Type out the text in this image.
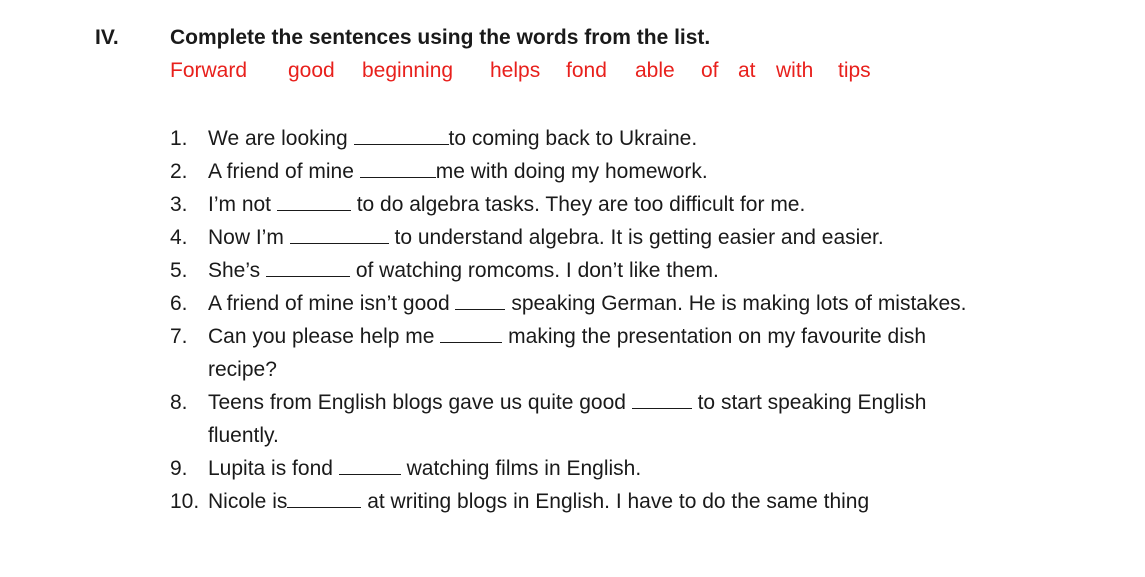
IV. Complete the sentences using the words from the list.
Forward good beginning helps fond able of at with tips
1. We are looking	to coming back to Ukraine.
2. A friend of mine	me with doing my homework.
3. I’m not	to do algebra tasks. They are too difficult for me.
4. Now I’m	to understand algebra. It is getting easier and easier.
5. She’s	of watching romcoms. I don’t like them.
6. A friend of mine isn’t good  speaking German. He is making lots of mistakes.
7. Can you please help me	making the presentation on my favourite dish
recipe?
8. Teens from English blogs gave us quite good	to start speaking English
fluently.
9. Lupita is fond	watching films in English.
10. Nicole is	at writing blogs in English. I have to do the same thing
